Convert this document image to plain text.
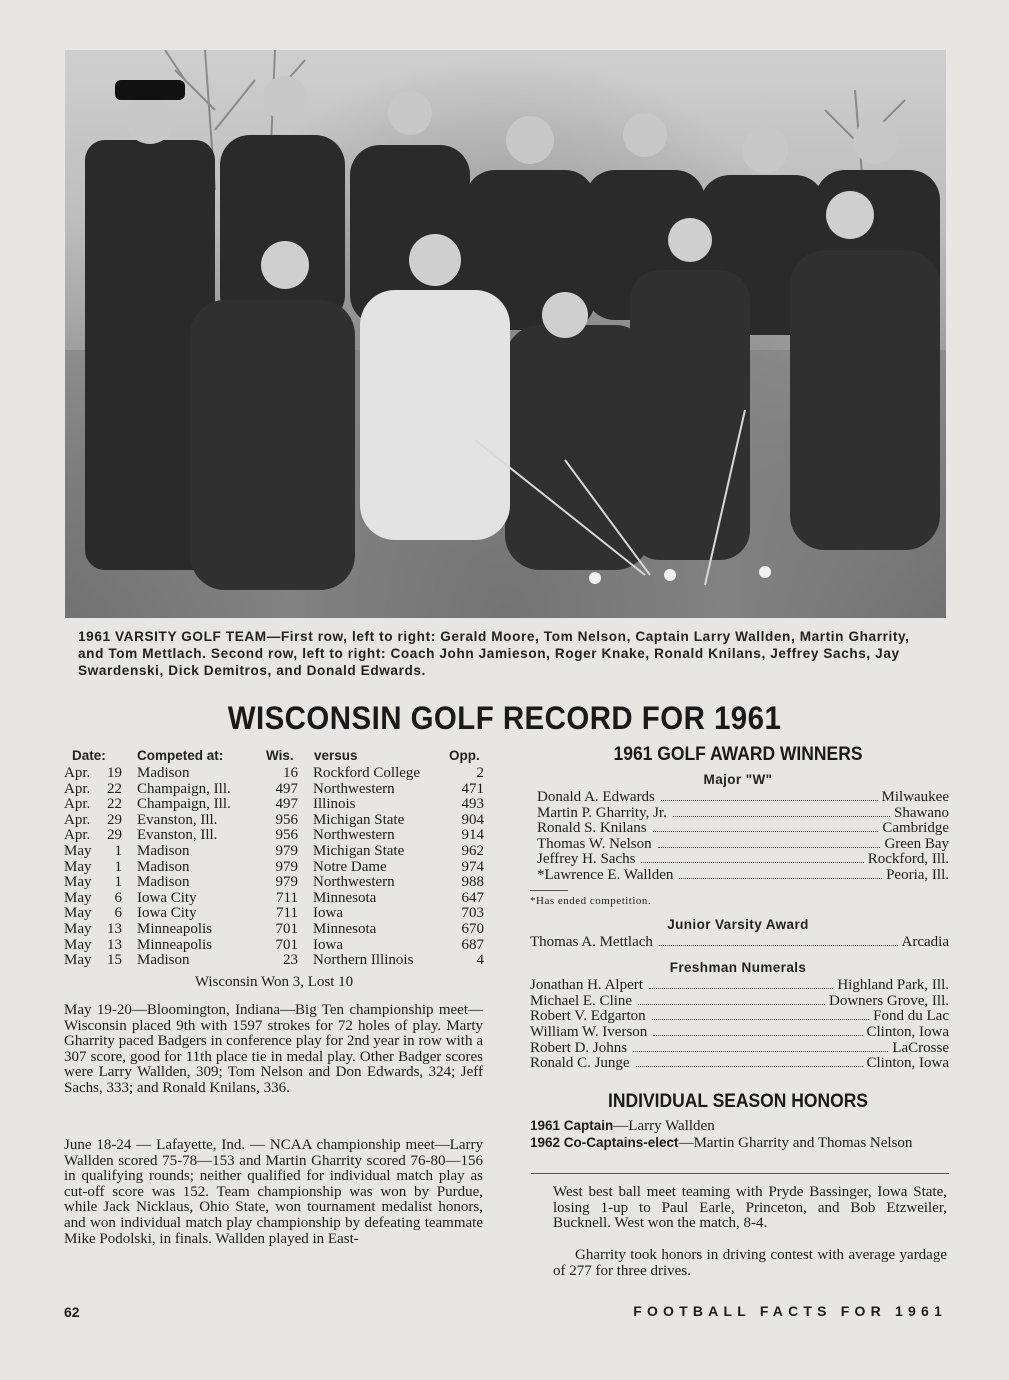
1961 VARSITY GOLF TEAM—First row, left to right: Gerald Moore, Tom Nelson, Captain Larry Wallden, Martin Gharrity, and Tom Mettlach. Second row, left to right: Coach John Jamieson, Roger Knake, Ronald Knilans, Jeffrey Sachs, Jay Swardenski, Dick Demitros, and Donald Edwards.
WISCONSIN GOLF RECORD FOR 1961
Date: Competed at:	Wis. versus	Opp.
Apr.	19 Madison	16 Rockford College	2
Apr.	22 Champaign, Ill.	497 Northwestern	471
Apr.	22 Champaign, Ill.	497 Illinois	493
Apr.	29 Evanston, Ill.	956 Michigan State	904
Apr.	29 Evanston, Ill.	956 Northwestern	914
May	1 Madison	979 Michigan State	962
May	1 Madison	979 Notre Dame	974
May	1 Madison	979 Northwestern	988
May	6 Iowa City	711 Minnesota	647
May	6 Iowa City	711 Iowa	703
May	13 Minneapolis	701 Minnesota	670
May	13 Minneapolis	701 Iowa	687
May	15 Madison	23 Northern Illinois	4
Wisconsin Won 3, Lost 10
May 19-20—Bloomington, Indiana—Big Ten championship meet—Wisconsin placed 9th with 1597 strokes for 72 holes of play. Marty Gharrity paced Badgers in conference play for 2nd year in row with a 307 score, good for 11th place tie in medal play. Other Badger scores were Larry Wallden, 309; Tom Nelson and Don Edwards, 324; Jeff Sachs, 333; and Ronald Knilans, 336.
June 18-24 — Lafayette, Ind. — NCAA championship meet—Larry Wallden scored 75-78—153 and Martin Gharrity scored 76-80—156 in qualifying rounds; neither qualified for individual match play as cut-off score was 152. Team championship was won by Purdue, while Jack Nicklaus, Ohio State, won tournament medalist honors, and won individual match play championship by defeating teammate Mike Podolski, in finals. Wallden played in East-
1961 GOLF AWARD WINNERS
Major "W"
Donald A. Edwards	Milwaukee
Martin P. Gharrity, Jr.	Shawano
Ronald S. Knilans	Cambridge
Thomas W. Nelson	Green Bay
Jeffrey H. Sachs	Rockford, Ill.
*Lawrence E. Wallden	Peoria, Ill.
*Has ended competition.
Junior Varsity Award
Thomas A. Mettlach	Arcadia
Freshman Numerals
Jonathan H. Alpert	Highland Park, Ill.
Michael E. Cline	Downers Grove, Ill.
Robert V. Edgarton	Fond du Lac
William W. Iverson	Clinton, Iowa
Robert D. Johns	LaCrosse
Ronald C. Junge	Clinton, Iowa
INDIVIDUAL SEASON HONORS
1961 Captain—Larry Wallden
1962 Co-Captains-elect—Martin Gharrity and Thomas Nelson
West best ball meet teaming with Pryde Bassinger, Iowa State, losing 1-up to Paul Earle, Princeton, and Bob Etzweiler, Bucknell. West won the match, 8-4.
Gharrity took honors in driving contest with average yardage of 277 for three drives.
62	FOOTBALL FACTS FOR 1961
